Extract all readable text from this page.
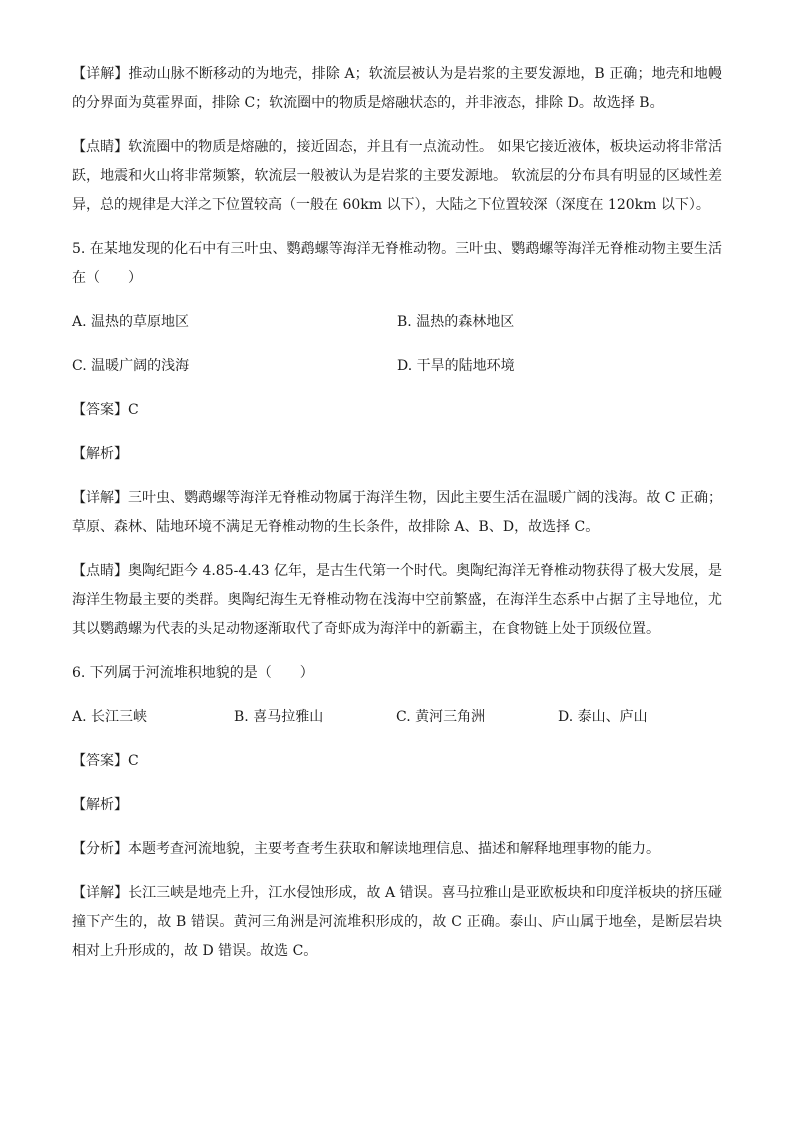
【详解】推动山脉不断移动的为地壳，排除 A；软流层被认为是岩浆的主要发源地，B 正确；地壳和地幔的分界面为莫霍界面，排除 C；软流圈中的物质是熔融状态的，并非液态，排除 D。故选择 B。

【点睛】软流圈中的物质是熔融的，接近固态，并且有一点流动性。 如果它接近液体，板块运动将非常活跃，地震和火山将非常频繁，软流层一般被认为是岩浆的主要发源地。 软流层的分布具有明显的区域性差异，总的规律是大洋之下位置较高（一般在 60km 以下），大陆之下位置较深（深度在 120km 以下）。

5. 在某地发现的化石中有三叶虫、鹦鹉螺等海洋无脊椎动物。三叶虫、鹦鹉螺等海洋无脊椎动物主要生活在（　　）

A. 温热的草原地区	B. 温热的森林地区
C. 温暖广阔的浅海	D. 干旱的陆地环境

【答案】C

【解析】

【详解】三叶虫、鹦鹉螺等海洋无脊椎动物属于海洋生物，因此主要生活在温暖广阔的浅海。故 C 正确；草原、森林、陆地环境不满足无脊椎动物的生长条件，故排除 A、B、D，故选择 C。

【点睛】奥陶纪距今 4.85-4.43 亿年，是古生代第一个时代。奥陶纪海洋无脊椎动物获得了极大发展，是海洋生物最主要的类群。奥陶纪海生无脊椎动物在浅海中空前繁盛，在海洋生态系中占据了主导地位，尤其以鹦鹉螺为代表的头足动物逐渐取代了奇虾成为海洋中的新霸主，在食物链上处于顶级位置。

6. 下列属于河流堆积地貌的是（　　）

A. 长江三峡	B. 喜马拉雅山	C. 黄河三角洲	D. 泰山、庐山

【答案】C

【解析】

【分析】本题考查河流地貌，主要考查考生获取和解读地理信息、描述和解释地理事物的能力。

【详解】长江三峡是地壳上升，江水侵蚀形成，故 A 错误。喜马拉雅山是亚欧板块和印度洋板块的挤压碰撞下产生的，故 B 错误。黄河三角洲是河流堆积形成的，故 C 正确。泰山、庐山属于地垒，是断层岩块相对上升形成的，故 D 错误。故选 C。
